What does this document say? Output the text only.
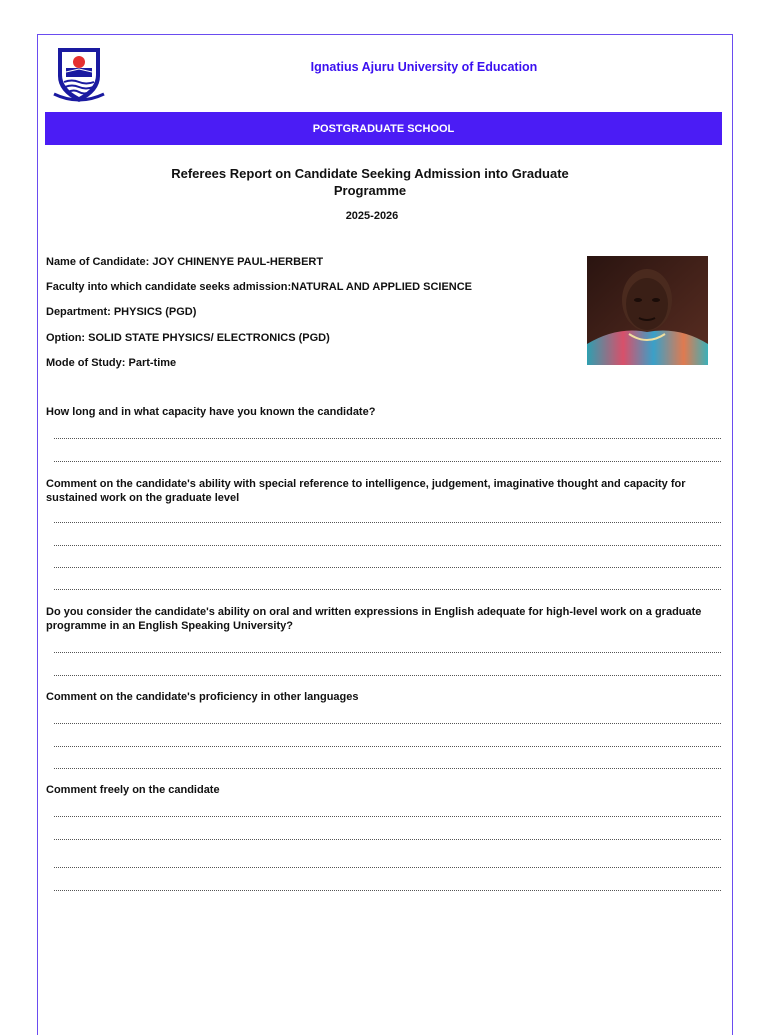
Ignatius Ajuru University of Education
POSTGRADUATE SCHOOL
Referees Report on Candidate Seeking Admission into Graduate Programme
2025-2026
Name of Candidate: JOY CHINENYE PAUL-HERBERT
Faculty into which candidate seeks admission:NATURAL AND APPLIED SCIENCE
Department: PHYSICS (PGD)
Option: SOLID STATE PHYSICS/ ELECTRONICS (PGD)
Mode of Study: Part-time
How long and in what capacity have you known the candidate?
Comment on the candidate's ability with special reference to intelligence, judgement, imaginative thought and capacity for sustained work on the graduate level
Do you consider the candidate's ability on oral and written expressions in English adequate for high-level work on a graduate programme in an English Speaking University?
Comment on the candidate's proficiency in other languages
Comment freely on the candidate
